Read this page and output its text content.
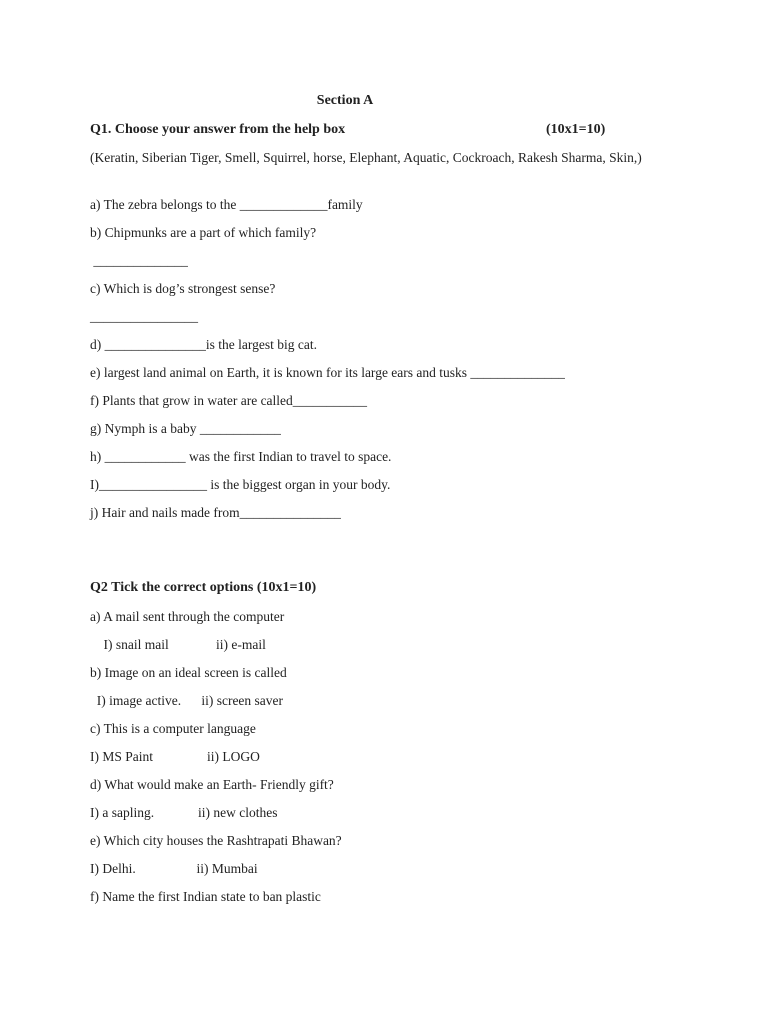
Section A
Q1. Choose your answer from the help box	(10x1=10)
(Keratin, Siberian Tiger, Smell, Squirrel, horse, Elephant, Aquatic, Cockroach, Rakesh Sharma, Skin,)
a) The zebra belongs to the _____________family
b) Chipmunks are a part of which family?
______________
c) Which is dog’s strongest sense?
________________
d) _______________is the largest big cat.
e) largest land animal on Earth, it is known for its large ears and tusks ______________
f) Plants that grow in water are called___________
g) Nymph is a baby ____________
h) ____________ was the first Indian to travel to space.
I)________________ is the biggest organ in your body.
j) Hair and nails made from_______________
Q2 Tick the correct options (10x1=10)
a) A mail sent through the computer
I) snail mail              ii) e-mail
b) Image on an ideal screen is called
I) image active.      ii) screen saver
c) This is a computer language
I) MS Paint                ii) LOGO
d) What would make an Earth- Friendly gift?
I) a sapling.             ii) new clothes
e) Which city houses the Rashtrapati Bhawan?
I) Delhi.                  ii) Mumbai
f) Name the first Indian state to ban plastic
